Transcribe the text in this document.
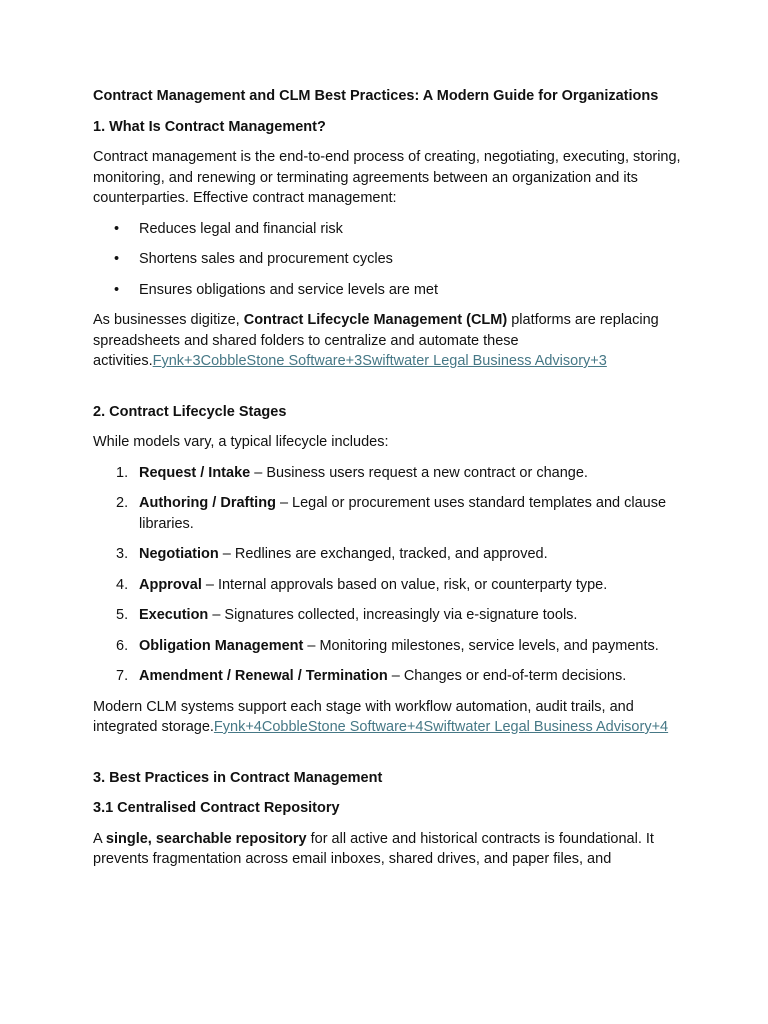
Contract Management and CLM Best Practices: A Modern Guide for Organizations

1. What Is Contract Management?

Contract management is the end-to-end process of creating, negotiating, executing, storing, monitoring, and renewing or terminating agreements between an organization and its counterparties. Effective contract management:

• Reduces legal and financial risk
• Shortens sales and procurement cycles
• Ensures obligations and service levels are met

As businesses digitize, Contract Lifecycle Management (CLM) platforms are replacing spreadsheets and shared folders to centralize and automate these activities.Fynk+3CobbleStone Software+3Swiftwater Legal Business Advisory+3

2. Contract Lifecycle Stages

While models vary, a typical lifecycle includes:

1. Request / Intake – Business users request a new contract or change.
2. Authoring / Drafting – Legal or procurement uses standard templates and clause libraries.
3. Negotiation – Redlines are exchanged, tracked, and approved.
4. Approval – Internal approvals based on value, risk, or counterparty type.
5. Execution – Signatures collected, increasingly via e-signature tools.
6. Obligation Management – Monitoring milestones, service levels, and payments.
7. Amendment / Renewal / Termination – Changes or end-of-term decisions.

Modern CLM systems support each stage with workflow automation, audit trails, and integrated storage.Fynk+4CobbleStone Software+4Swiftwater Legal Business Advisory+4

3. Best Practices in Contract Management

3.1 Centralised Contract Repository

A single, searchable repository for all active and historical contracts is foundational. It prevents fragmentation across email inboxes, shared drives, and paper files, and
